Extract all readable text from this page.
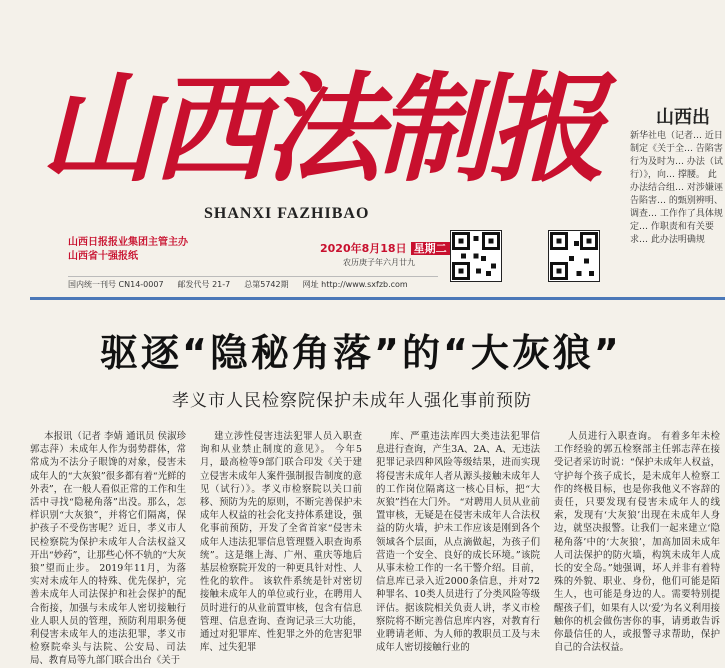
山西法制报
SHANXI FAZHIBAO
山西日报报业集团主管主办
山西省十强报纸
2020年8月18日 星期二
农历庚子年六月廿九
国内统一刊号 CN14-0007 邮发代号 21-7 总第5742期 网址 http://www.sxfzb.com
山西出
新华社电（记者… 近日制定《关于全… 告陷害行为及时为… 办法（试行）》，向… 撑腰。 此办法结合组… 对涉嫌诬告陷害… 的甄别辨明、调查… 工作作了具体规定… 作职责和有关要求… 此办法明确规
驱逐“隐秘角落”的“大灰狼”
孝义市人民检察院保护未成年人强化事前预防

本报讯（记者 李婧 通讯员 侯淑珍 郭志萍）未成年人作为弱势群体，常常成为不法分子眼馋的对象，侵害未成年人的“大灰狼”很多都有着“光鲜的外表”，在一般人看似正常的工作和生活中寻找“隐秘角落”出没。那么，怎样识别“大灰狼”，并将它们隔离，保护孩子不受伤害呢？近日，孝义市人民检察院为保护未成年人合法权益又开出“妙药”，让那些心怀不轨的“大灰狼”望而止步。 2019年11月，为落实对未成年人的特殊、优先保护，完善未成年人司法保护和社会保护的配合衔接，加强与未成年人密切接触行业人职人员的管理，预防利用职务便利侵害未成年人的违法犯罪，孝义市检察院牵头与法院、公安局、司法局、教育局等九部门联合出台《关于

建立涉性侵害违法犯罪人员入职查询和从业禁止制度的意见》。 今年5月，最高检等9部门联合印发《关于建立侵害未成年人案件强制报告制度的意见（试行）》。孝义市检察院以关口前移、预防为先的原则，不断完善保护未成年人权益的社会化支持体系建设，强化事前预防，开发了全省首家“侵害未成年人违法犯罪信息管理暨入职查询系统”。这是继上海、广州、重庆等地后基层检察院开发的一种更具针对性、人性化的软件。 该软件系统是针对密切接触未成年人的单位或行业，在聘用人员时进行的从业前置审核，包含有信息管理、信息查询、查询记录三大功能，通过对犯罪库、性犯罪之外的危害犯罪库、过失犯罪

库、严重违法库四大类违法犯罪信息进行查询，产生3A、2A、A、无违法犯罪记录四种风险等级结果，进而实现将侵害未成年人者从源头接触未成年人的工作岗位隔离这一核心目标，把“大灰狼”挡在大门外。 “对聘用人员从业前置审核，无疑是在侵害未成年人合法权益的防火墙，护未工作应该是刚到各个领域各个层面，从点滴做起，为孩子们营造一个安全、良好的成长环境。”该院从事未检工作的一名干警介绍。目前，信息库已录入近2000条信息，并对72种罪名、10类人员进行了分类风险等级评估。据该院相关负责人讲，孝义市检察院将不断完善信息库内容，对教育行业聘请老师、为人师的教职员工及与未成年人密切接触行业的

人员进行入职查询。 有着多年未检工作经验的郭五检察部主任郭志萍在接受记者采访时说：“保护未成年人权益，守护每个孩子成长，是未成年人检察工作的终极目标，也是你我他义不容辞的责任，只要发现有侵害未成年人的线索，发现有‘大灰狼’出现在未成年人身边，就坚决报警。让我们一起来建立‘隐秘角落’中的‘大灰狼’，加高加固未成年人司法保护的防火墙，构筑未成年人成长的安全岛。”她强调，坏人并非有着特殊的外貌、职业、身份，他们可能是陌生人，也可能是身边的人。需要特别提醒孩子们，如果有人以‘爱’为名义利用接触你的机会做伤害你的事，请勇敢告诉你最信任的人，或报警寻求帮助，保护自己的合法权益。
